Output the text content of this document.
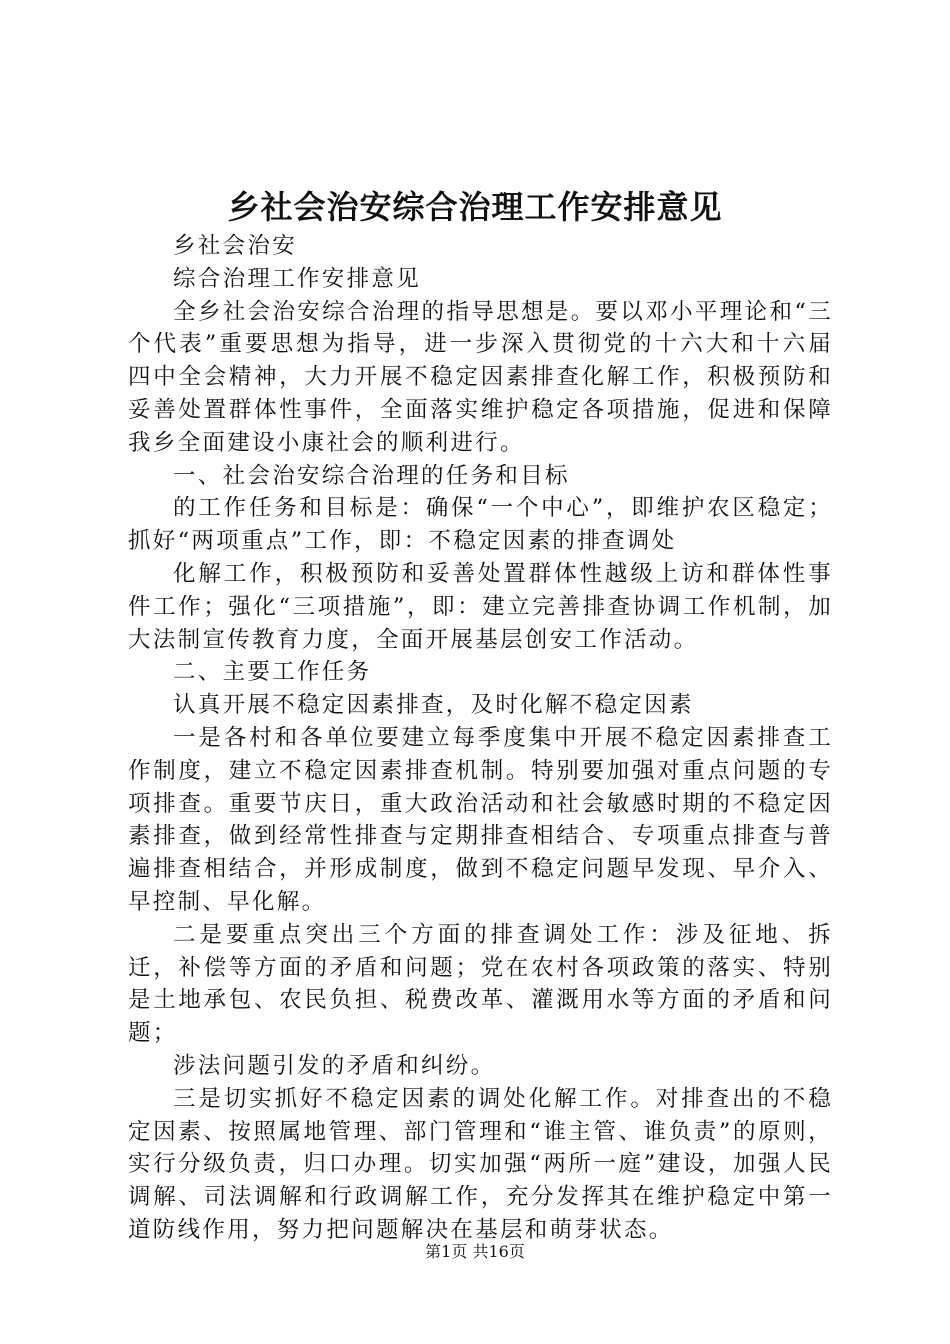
乡社会治安综合治理工作安排意见

乡社会治安

综合治理工作安排意见

全乡社会治安综合治理的指导思想是。要以邓小平理论和“三个代表”重要思想为指导，进一步深入贯彻党的十六大和十六届四中全会精神，大力开展不稳定因素排查化解工作，积极预防和妥善处置群体性事件，全面落实维护稳定各项措施，促进和保障我乡全面建设小康社会的顺利进行。

一、社会治安综合治理的任务和目标

的工作任务和目标是：确保“一个中心”，即维护农区稳定；抓好“两项重点”工作，即：不稳定因素的排查调处

化解工作，积极预防和妥善处置群体性越级上访和群体性事件工作；强化“三项措施”，即：建立完善排查协调工作机制，加大法制宣传教育力度，全面开展基层创安工作活动。

二、主要工作任务

认真开展不稳定因素排查，及时化解不稳定因素

一是各村和各单位要建立每季度集中开展不稳定因素排查工作制度，建立不稳定因素排查机制。特别要加强对重点问题的专项排查。重要节庆日，重大政治活动和社会敏感时期的不稳定因素排查，做到经常性排查与定期排查相结合、专项重点排查与普遍排查相结合，并形成制度，做到不稳定问题早发现、早介入、早控制、早化解。

二是要重点突出三个方面的排查调处工作：涉及征地、拆迁，补偿等方面的矛盾和问题；党在农村各项政策的落实、特别是土地承包、农民负担、税费改革、灌溉用水等方面的矛盾和问题；

涉法问题引发的矛盾和纠纷。

三是切实抓好不稳定因素的调处化解工作。对排查出的不稳定因素、按照属地管理、部门管理和“谁主管、谁负责”的原则，实行分级负责，归口办理。切实加强“两所一庭”建设，加强人民调解、司法调解和行政调解工作，充分发挥其在维护稳定中第一道防线作用，努力把问题解决在基层和萌芽状态。

第1页 共16页
